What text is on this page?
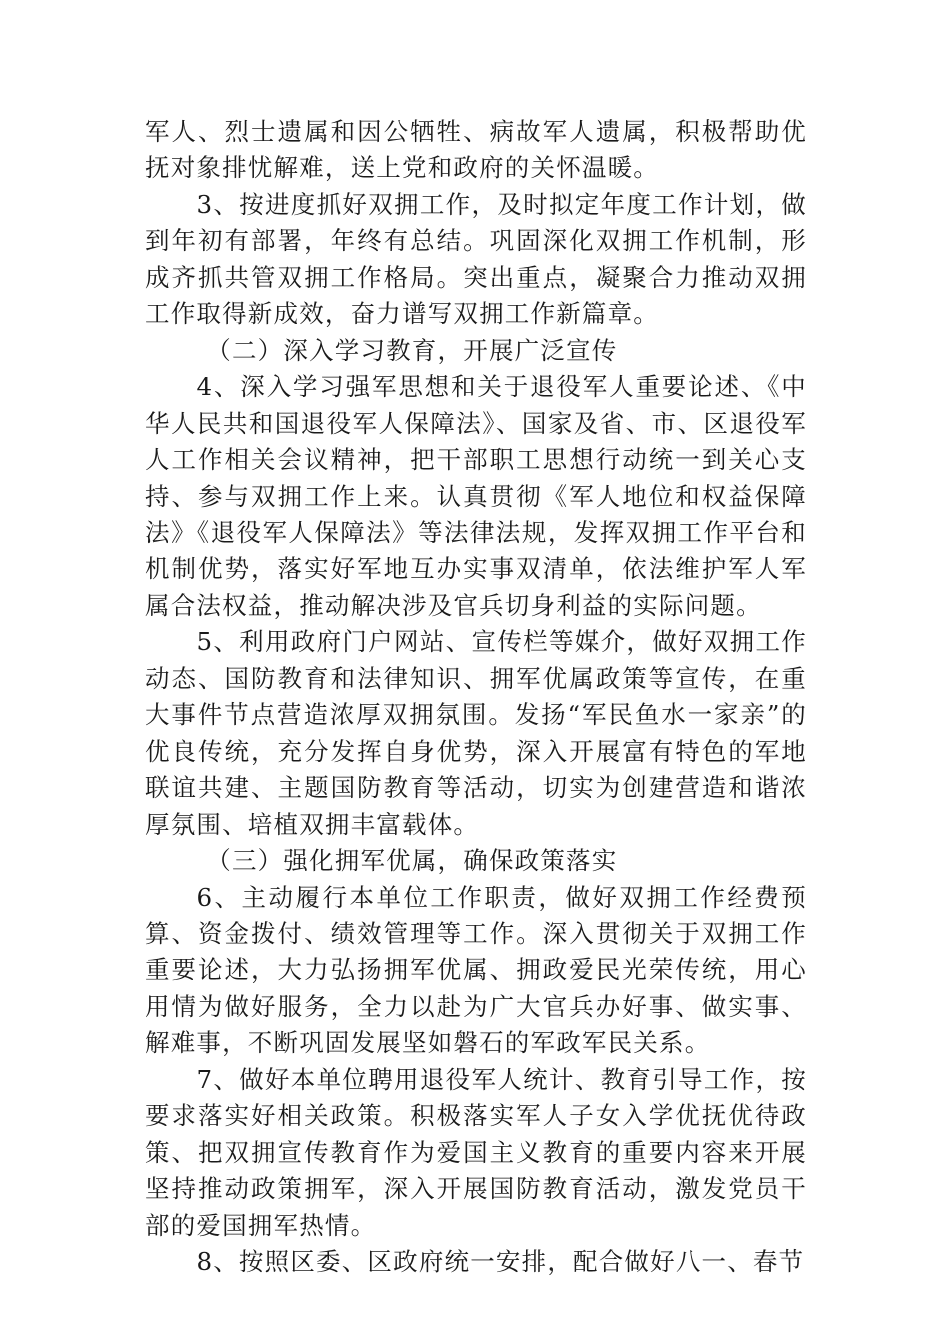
军人、烈士遗属和因公牺牲、病故军人遗属，积极帮助优抚对象排忧解难，送上党和政府的关怀温暖。

3、按进度抓好双拥工作，及时拟定年度工作计划，做到年初有部署，年终有总结。巩固深化双拥工作机制，形成齐抓共管双拥工作格局。突出重点，凝聚合力推动双拥工作取得新成效，奋力谱写双拥工作新篇章。

（二）深入学习教育，开展广泛宣传

4、深入学习强军思想和关于退役军人重要论述、《中华人民共和国退役军人保障法》、国家及省、市、区退役军人工作相关会议精神，把干部职工思想行动统一到关心支持、参与双拥工作上来。认真贯彻《军人地位和权益保障法》《退役军人保障法》等法律法规，发挥双拥工作平台和机制优势，落实好军地互办实事双清单，依法维护军人军属合法权益，推动解决涉及官兵切身利益的实际问题。

5、利用政府门户网站、宣传栏等媒介，做好双拥工作动态、国防教育和法律知识、拥军优属政策等宣传，在重大事件节点营造浓厚双拥氛围。发扬“军民鱼水一家亲”的优良传统，充分发挥自身优势，深入开展富有特色的军地联谊共建、主题国防教育等活动，切实为创建营造和谐浓厚氛围、培植双拥丰富载体。

（三）强化拥军优属，确保政策落实

6、主动履行本单位工作职责，做好双拥工作经费预算、资金拨付、绩效管理等工作。深入贯彻关于双拥工作重要论述，大力弘扬拥军优属、拥政爱民光荣传统，用心用情为做好服务，全力以赴为广大官兵办好事、做实事、解难事，不断巩固发展坚如磐石的军政军民关系。

7、做好本单位聘用退役军人统计、教育引导工作，按要求落实好相关政策。积极落实军人子女入学优抚优待政策、把双拥宣传教育作为爱国主义教育的重要内容来开展坚持推动政策拥军，深入开展国防教育活动，激发党员干部的爱国拥军热情。

8、按照区委、区政府统一安排，配合做好八一、春节
